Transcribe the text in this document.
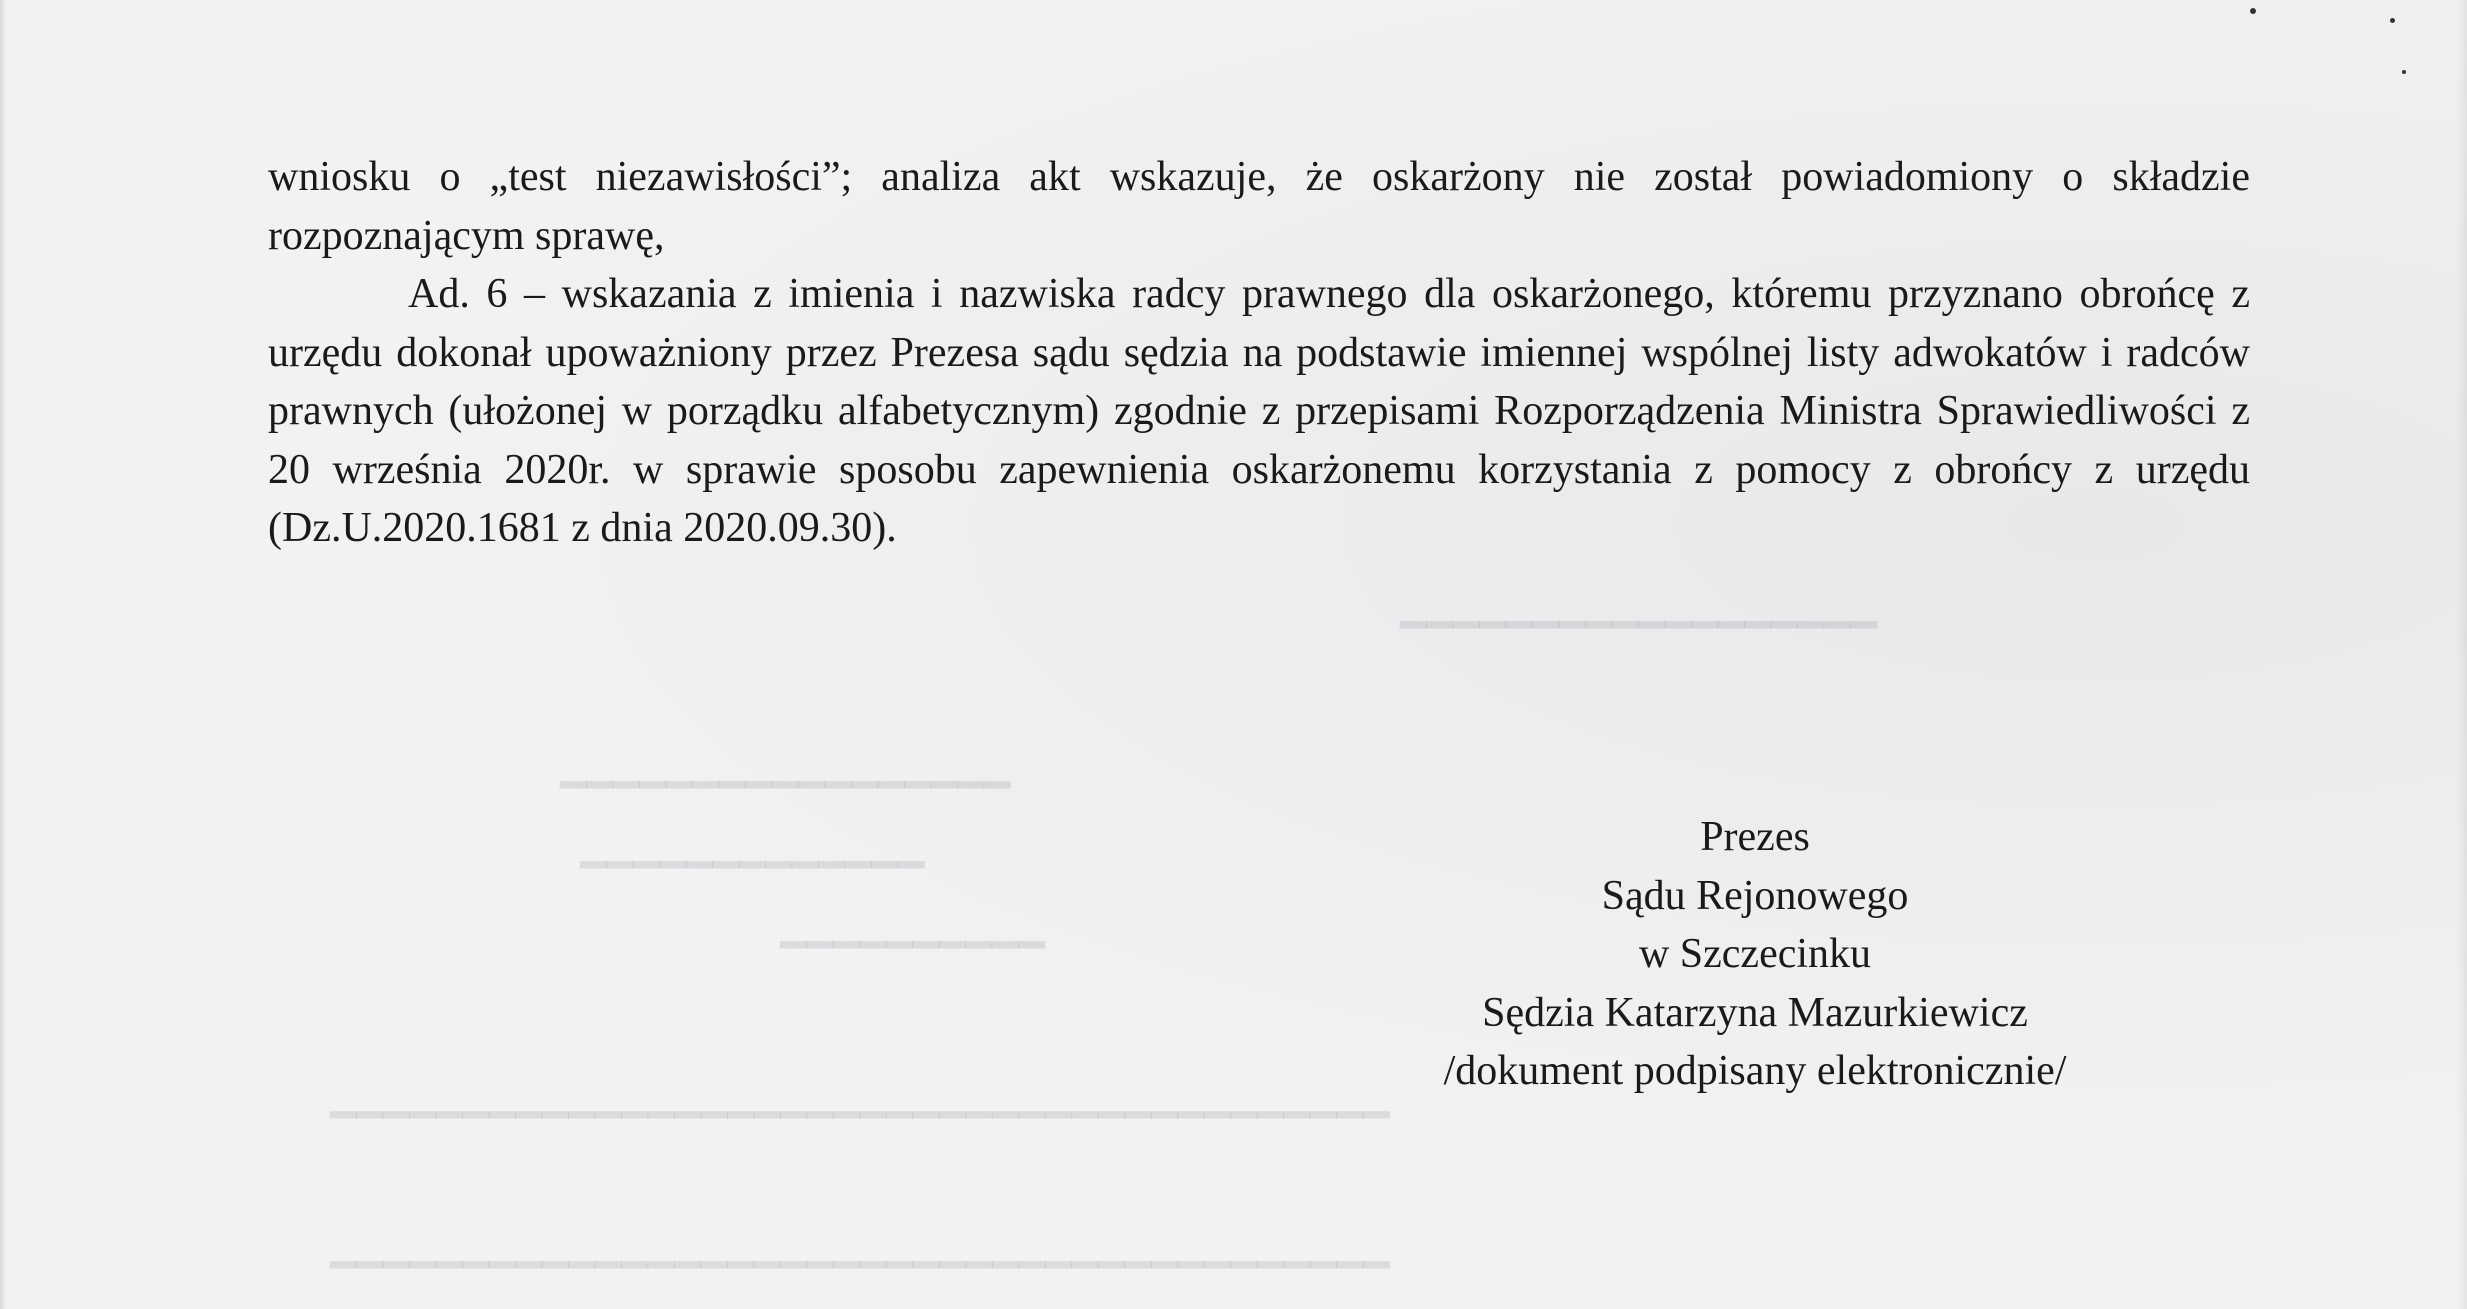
━━━━━━━━━━━━━━━━━━
━━━━━━━━━━━━━━━━━
━━━━━━━━━━━━━
━━━━━━━━━━
━━━━━━━━━━━━━━━━━━━━━━━━━━━━━━━━━━━━━━━━
━━━━━━━━━━━━━━━━━━━━━━━━━━━━━━━━━━━━━━━━

wniosku o „test niezawisłości”; analiza akt wskazuje, że oskarżony nie został powiadomiony o składzie rozpoznającym sprawę,

Ad. 6 – wskazania z imienia i nazwiska radcy prawnego dla oskarżonego, któremu przyznano obrońcę z urzędu dokonał upoważniony przez Prezesa sądu sędzia na podstawie imiennej wspólnej listy adwokatów i radców prawnych (ułożonej w porządku alfabetycznym) zgodnie z przepisami Rozporządzenia Ministra Sprawiedliwości z 20 września 2020r. w sprawie sposobu zapewnienia oskarżonemu korzystania z pomocy z obrońcy z urzędu (Dz.U.2020.1681 z dnia 2020.09.30).

Prezes
Sądu Rejonowego
w Szczecinku
Sędzia Katarzyna Mazurkiewicz
/dokument podpisany elektronicznie/
